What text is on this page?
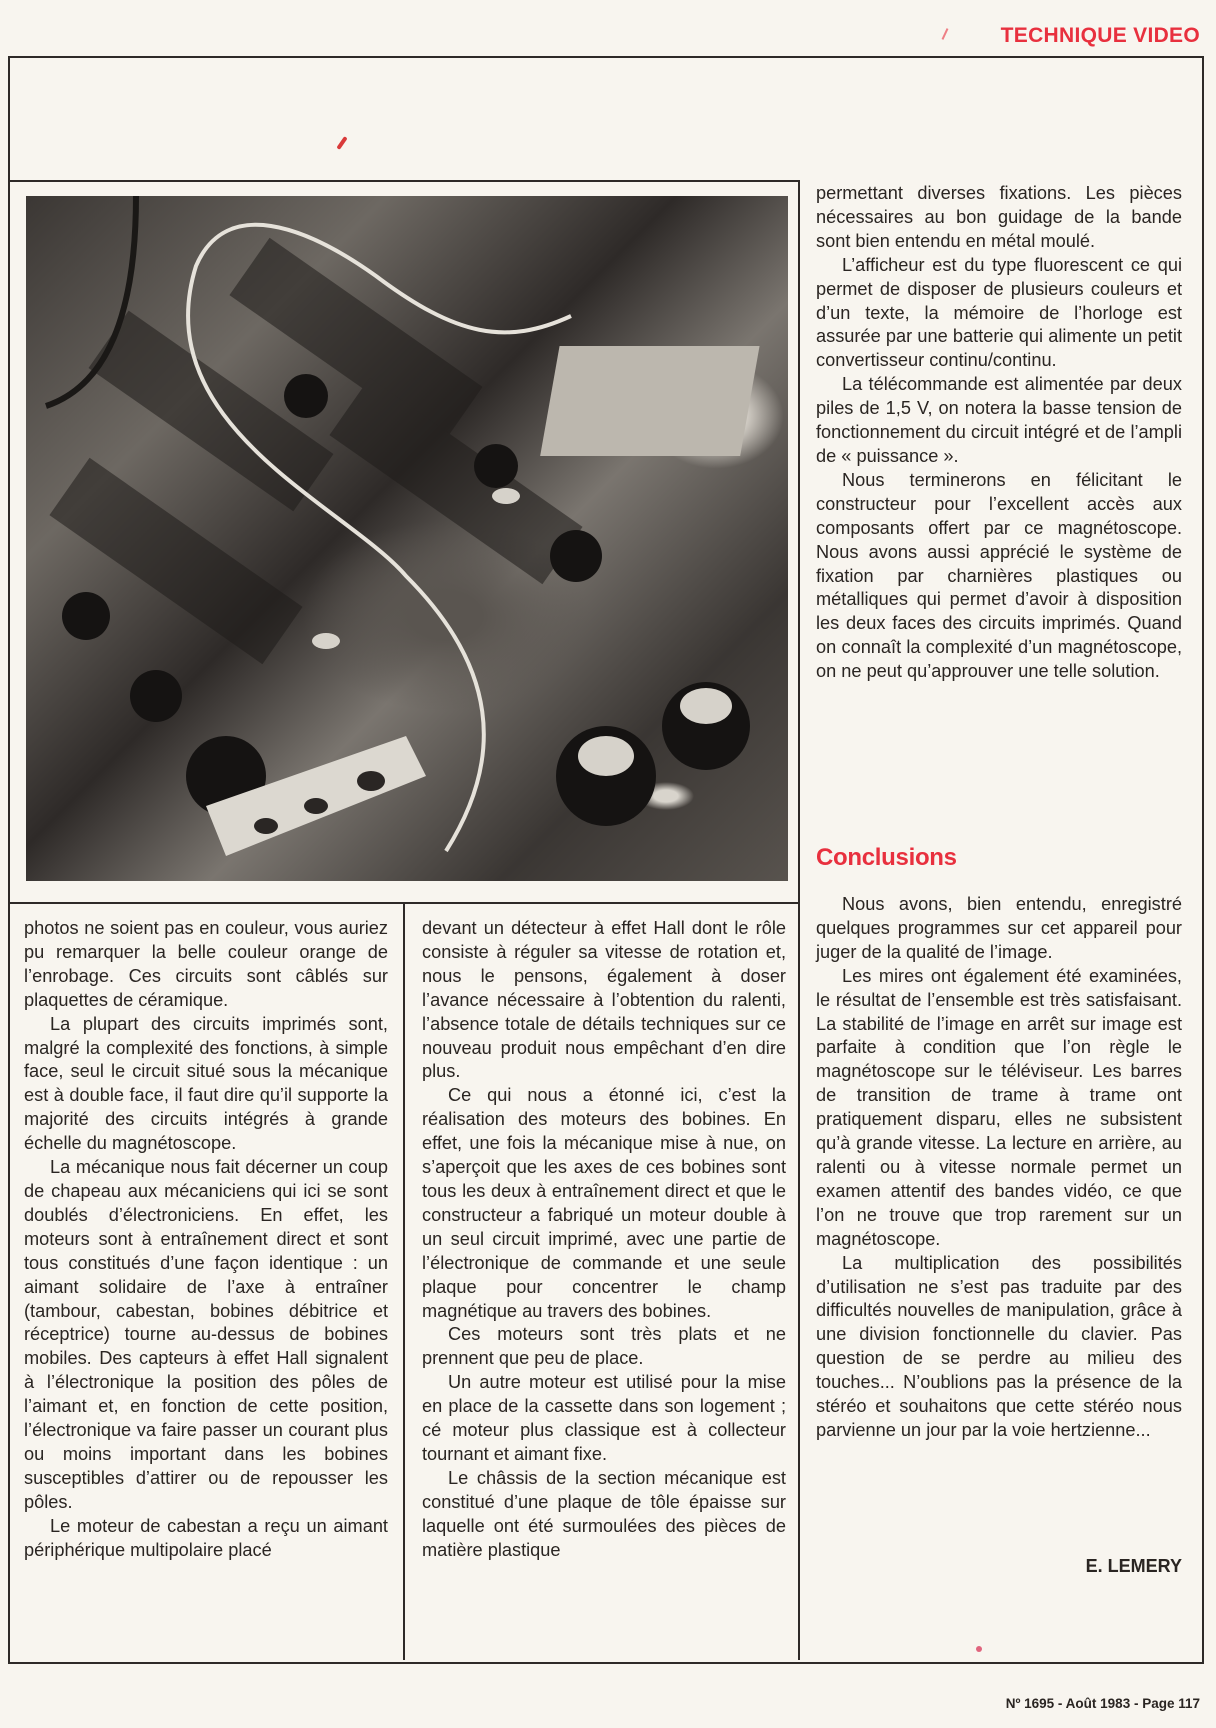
TECHNIQUE VIDEO

permettant diverses fixations. Les pièces nécessaires au bon guidage de la bande sont bien entendu en métal moulé.

L’afficheur est du type fluorescent ce qui permet de disposer de plusieurs couleurs et d’un texte, la mémoire de l’horloge est assurée par une batterie qui alimente un petit convertisseur continu/continu.

La télécommande est alimentée par deux piles de 1,5 V, on notera la basse tension de fonctionnement du circuit intégré et de l’ampli de « puissance ».

Nous terminerons en félicitant le constructeur pour l’excellent accès aux composants offert par ce magnétoscope. Nous avons aussi apprécié le système de fixation par charnières plastiques ou métalliques qui permet d’avoir à disposition les deux faces des circuits imprimés. Quand on connaît la complexité d’un magnétoscope, on ne peut qu’approuver une telle solution.

Conclusions

Nous avons, bien entendu, enregistré quelques programmes sur cet appareil pour juger de la qualité de l’image.

Les mires ont également été examinées, le résultat de l’ensemble est très satisfaisant. La stabilité de l’image en arrêt sur image est parfaite à condition que l’on règle le magnétoscope sur le téléviseur. Les barres de transition de trame à trame ont pratiquement disparu, elles ne subsistent qu’à grande vitesse. La lecture en arrière, au ralenti ou à vitesse normale permet un examen attentif des bandes vidéo, ce que l’on ne trouve que trop rarement sur un magnétoscope.

La multiplication des possibilités d’utilisation ne s’est pas traduite par des difficultés nouvelles de manipulation, grâce à une division fonctionnelle du clavier. Pas question de se perdre au milieu des touches... N’oublions pas la présence de la stéréo et souhaitons que cette stéréo nous parvienne un jour par la voie hertzienne...

E. LEMERY

photos ne soient pas en couleur, vous auriez pu remarquer la belle couleur orange de l’enrobage. Ces circuits sont câblés sur plaquettes de céramique.

La plupart des circuits imprimés sont, malgré la complexité des fonctions, à simple face, seul le circuit situé sous la mécanique est à double face, il faut dire qu’il supporte la majorité des circuits intégrés à grande échelle du magnétoscope.

La mécanique nous fait décerner un coup de chapeau aux mécaniciens qui ici se sont doublés d’électroniciens. En effet, les moteurs sont à entraînement direct et sont tous constitués d’une façon identique : un aimant solidaire de l’axe à entraîner (tambour, cabestan, bobines débitrice et réceptrice) tourne au-dessus de bobines mobiles. Des capteurs à effet Hall signalent à l’électronique la position des pôles de l’aimant et, en fonction de cette position, l’électronique va faire passer un courant plus ou moins important dans les bobines susceptibles d’attirer ou de repousser les pôles.

Le moteur de cabestan a reçu un aimant périphérique multipolaire placé

devant un détecteur à effet Hall dont le rôle consiste à réguler sa vitesse de rotation et, nous le pensons, également à doser l’avance nécessaire à l’obtention du ralenti, l’absence totale de détails techniques sur ce nouveau produit nous empêchant d’en dire plus.

Ce qui nous a étonné ici, c’est la réalisation des moteurs des bobines. En effet, une fois la mécanique mise à nue, on s’aperçoit que les axes de ces bobines sont tous les deux à entraînement direct et que le constructeur a fabriqué un moteur double à un seul circuit imprimé, avec une partie de l’électronique de commande et une seule plaque pour concentrer le champ magnétique au travers des bobines.

Ces moteurs sont très plats et ne prennent que peu de place.

Un autre moteur est utilisé pour la mise en place de la cassette dans son logement ; cé moteur plus classique est à collecteur tournant et aimant fixe.

Le châssis de la section mécanique est constitué d’une plaque de tôle épaisse sur laquelle ont été surmoulées des pièces de matière plastique

Nº 1695 - Août 1983 - Page 117
